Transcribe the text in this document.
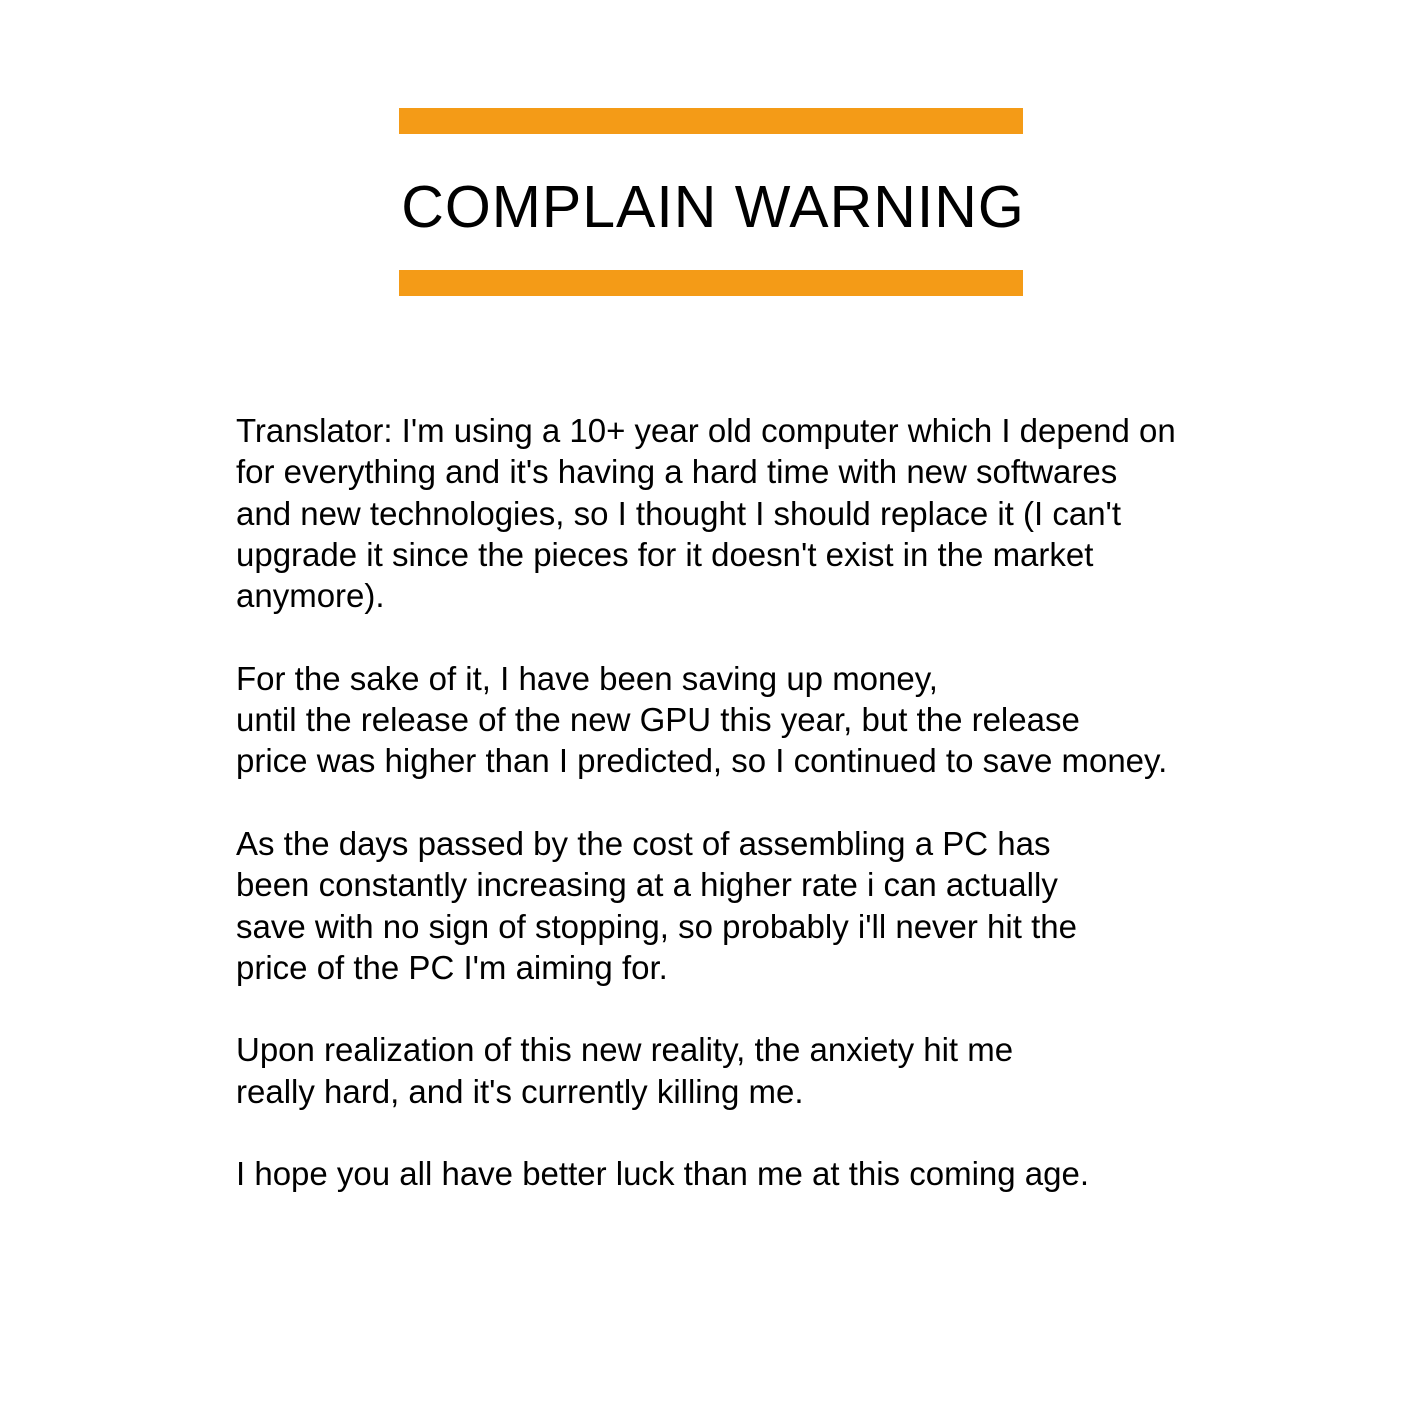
COMPLAIN WARNING

Translator: I'm using a 10+ year old computer which I depend on
for everything and it's having a hard time with new softwares
and new technologies, so I thought I should replace it (I can't
upgrade it since the pieces for it doesn't exist in the market
anymore).

For the sake of it, I have been saving up money,
until the release of the new GPU this year, but the release
price was higher than I predicted, so I continued to save money.

As the days passed by the cost of assembling a PC has
been constantly increasing at a higher rate i can actually
save with no sign of stopping, so probably i'll never hit the
price of the PC I'm aiming for.

Upon realization of this new reality, the anxiety hit me
really hard, and it's currently killing me.

I hope you all have better luck than me at this coming age.
